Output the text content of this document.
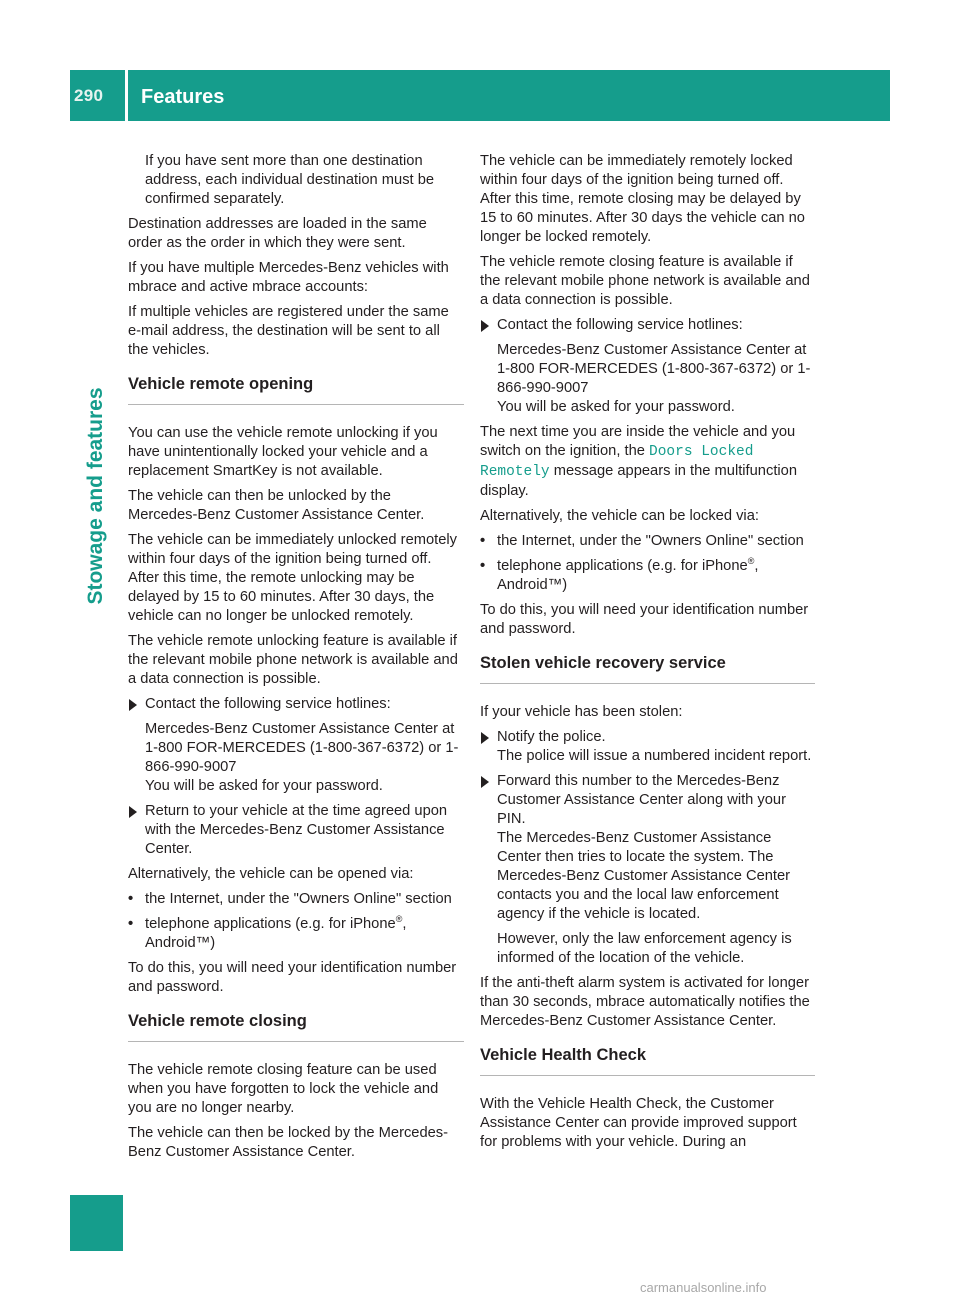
290 Features
Stowage and features

If you have sent more than one destination address, each individual destination must be confirmed separately.

Destination addresses are loaded in the same order as the order in which they were sent.

If you have multiple Mercedes-Benz vehicles with mbrace and active mbrace accounts:

If multiple vehicles are registered under the same e-mail address, the destination will be sent to all the vehicles.

Vehicle remote opening

You can use the vehicle remote unlocking if you have unintentionally locked your vehicle and a replacement SmartKey is not available.

The vehicle can then be unlocked by the Mercedes-Benz Customer Assistance Center.

The vehicle can be immediately unlocked remotely within four days of the ignition being turned off. After this time, the remote unlocking may be delayed by 15 to 60 minutes. After 30 days, the vehicle can no longer be unlocked remotely.

The vehicle remote unlocking feature is available if the relevant mobile phone network is available and a data connection is possible.

Contact the following service hotlines:

Mercedes-Benz Customer Assistance Center at 1-800 FOR-MERCEDES (1-800-367-6372) or 1-866-990-9007

You will be asked for your password.

Return to your vehicle at the time agreed upon with the Mercedes-Benz Customer Assistance Center.

Alternatively, the vehicle can be opened via:

• the Internet, under the "Owners Online" section
• telephone applications (e.g. for iPhone®, Android™)

To do this, you will need your identification number and password.

Vehicle remote closing

The vehicle remote closing feature can be used when you have forgotten to lock the vehicle and you are no longer nearby.

The vehicle can then be locked by the Mercedes-Benz Customer Assistance Center.

The vehicle can be immediately remotely locked within four days of the ignition being turned off. After this time, remote closing may be delayed by 15 to 60 minutes. After 30 days the vehicle can no longer be locked remotely.

The vehicle remote closing feature is available if the relevant mobile phone network is available and a data connection is possible.

Contact the following service hotlines:

Mercedes-Benz Customer Assistance Center at 1-800 FOR-MERCEDES (1-800-367-6372) or 1-866-990-9007

You will be asked for your password.

The next time you are inside the vehicle and you switch on the ignition, the Doors Locked Remotely message appears in the multifunction display.

Alternatively, the vehicle can be locked via:

• the Internet, under the "Owners Online" section
• telephone applications (e.g. for iPhone®, Android™)

To do this, you will need your identification number and password.

Stolen vehicle recovery service

If your vehicle has been stolen:

Notify the police.

The police will issue a numbered incident report.

Forward this number to the Mercedes-Benz Customer Assistance Center along with your PIN.

The Mercedes-Benz Customer Assistance Center then tries to locate the system. The Mercedes-Benz Customer Assistance Center contacts you and the local law enforcement agency if the vehicle is located.

However, only the law enforcement agency is informed of the location of the vehicle.

If the anti-theft alarm system is activated for longer than 30 seconds, mbrace automatically notifies the Mercedes-Benz Customer Assistance Center.

Vehicle Health Check

With the Vehicle Health Check, the Customer Assistance Center can provide improved support for problems with your vehicle. During an

carmanualsonline.info
